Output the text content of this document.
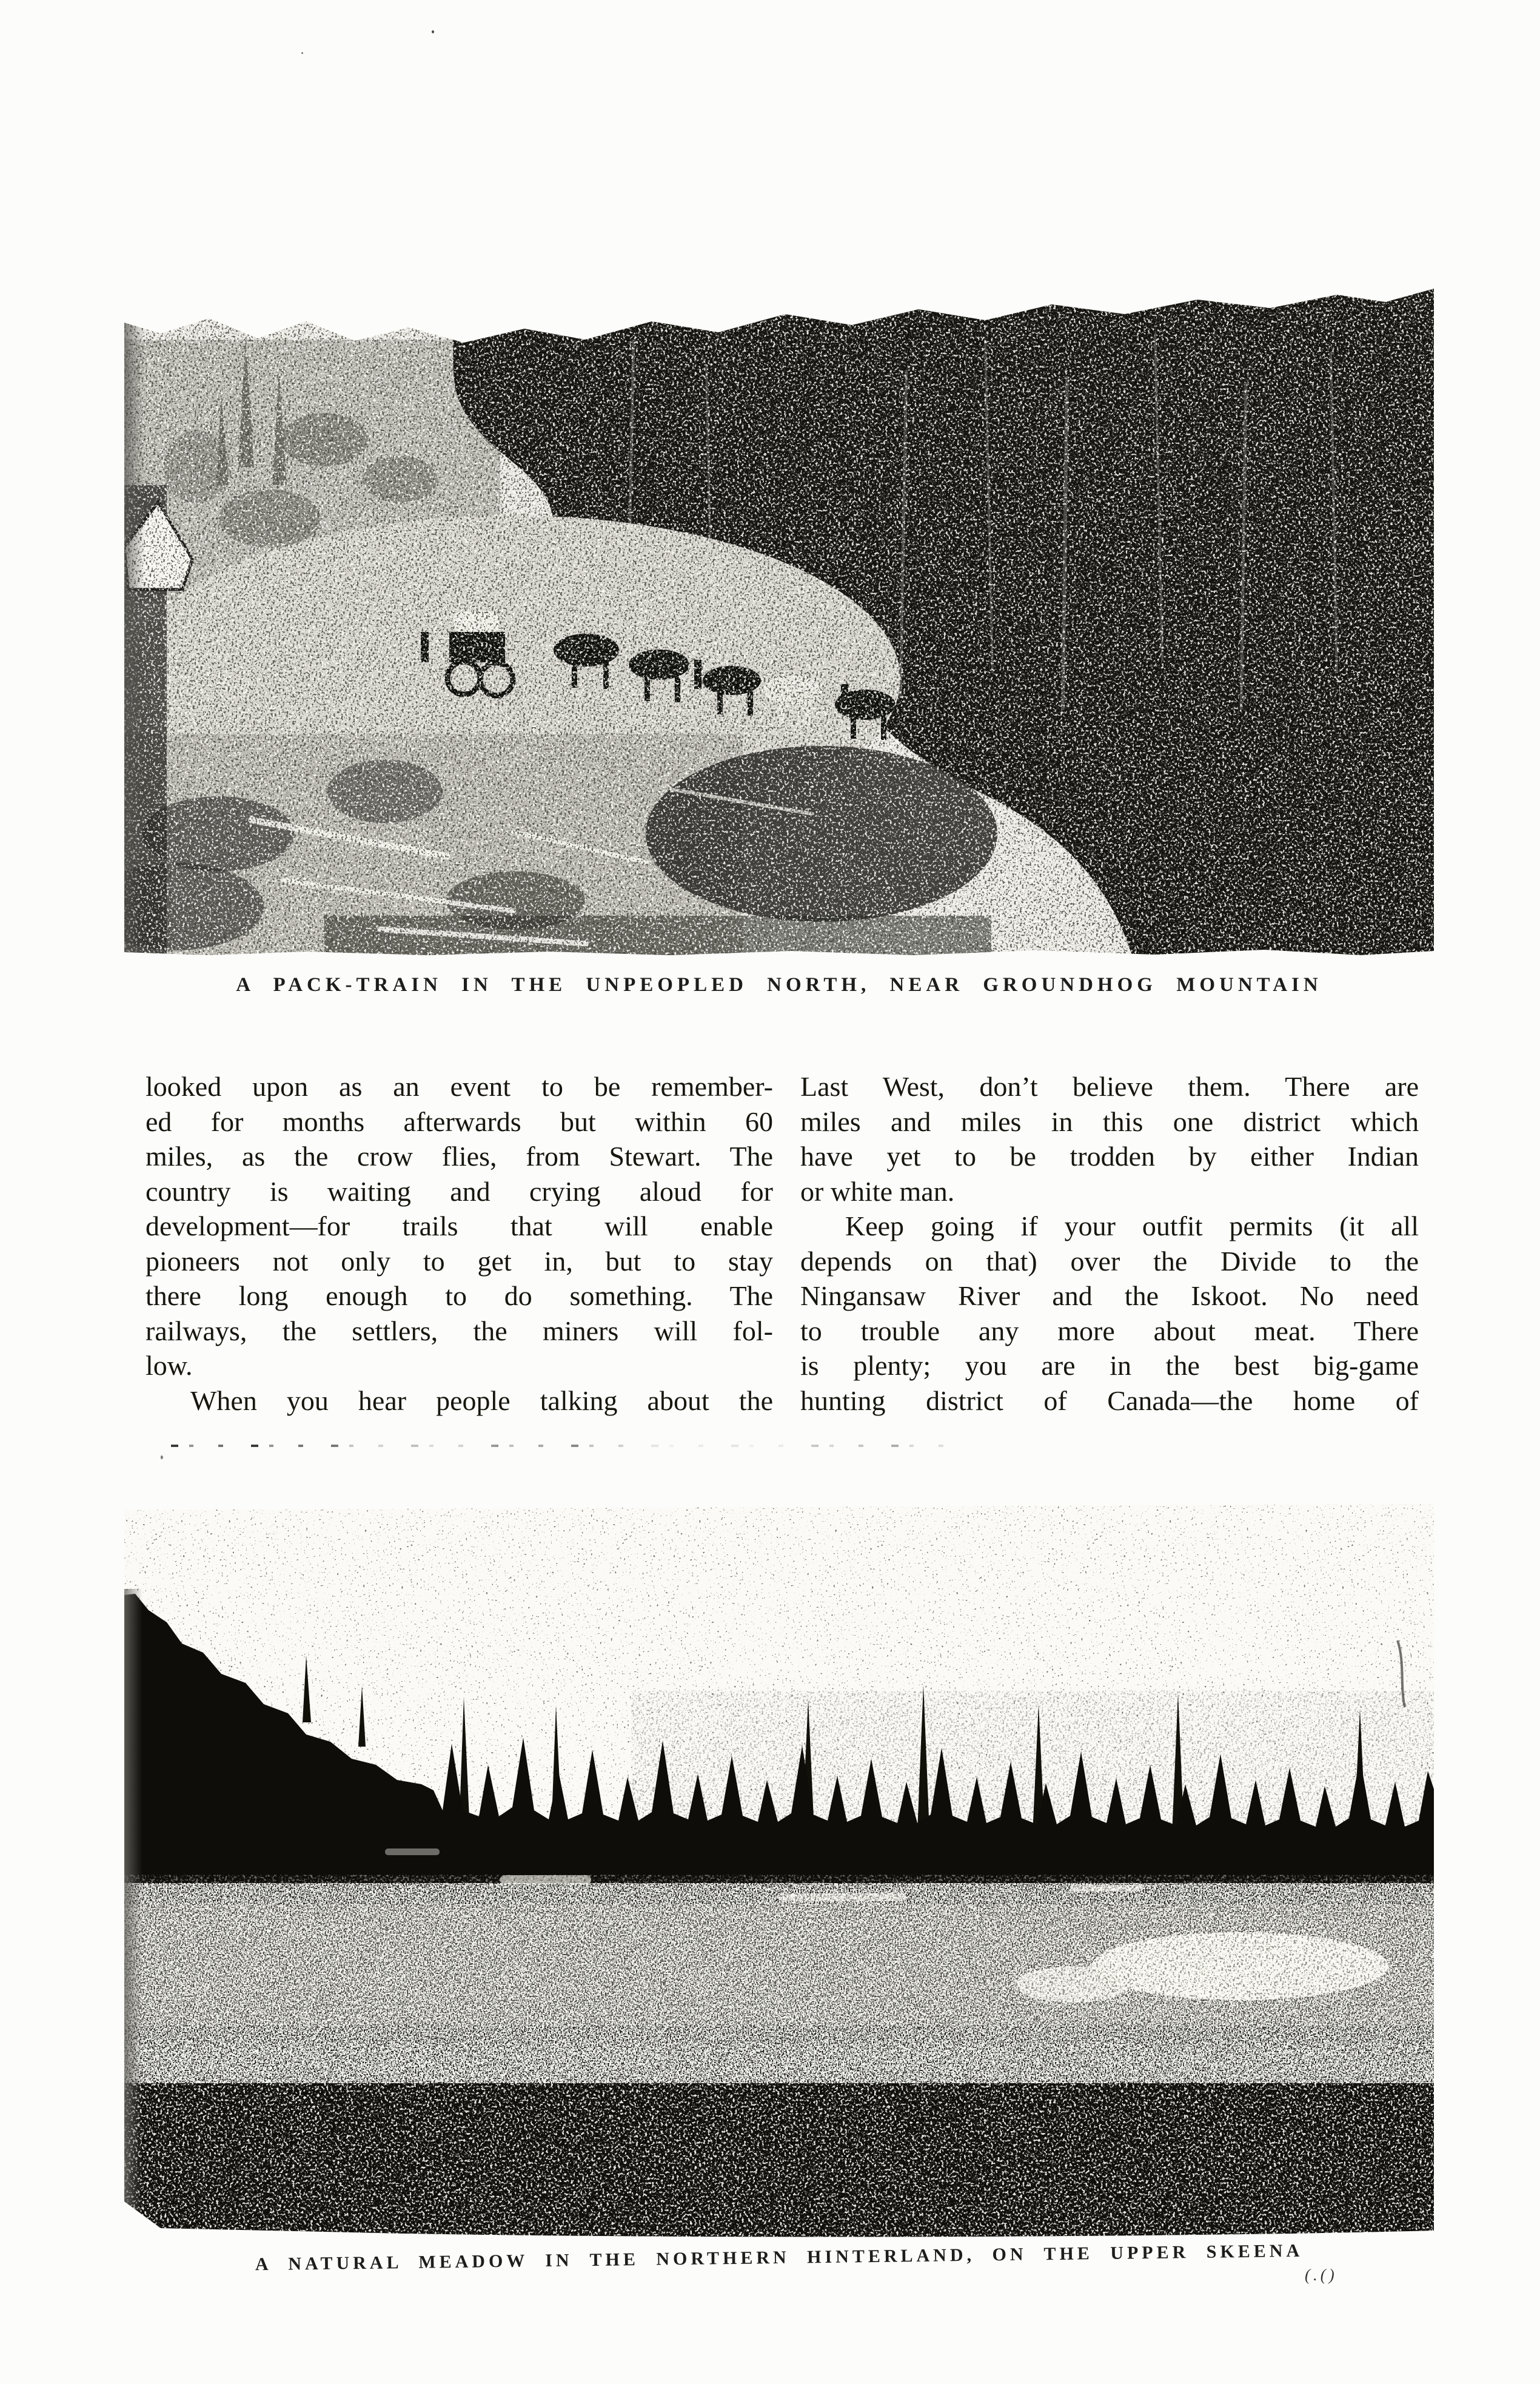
A PACK-TRAIN IN THE UNPEOPLED NORTH, NEAR GROUNDHOG MOUNTAIN
looked upon as an event to be remember-
ed for months afterwards but within 60
miles, as the crow flies, from Stewart. The
country is waiting and crying aloud for
development—for trails that will enable
pioneers not only to get in, but to stay
there long enough to do something. The
railways, the settlers, the miners will fol-
low.
When you hear people talking about the
Last West, don’t believe them. There are
miles and miles in this one district which
have yet to be trodden by either Indian
or white man.
Keep going if your outfit permits (it all
depends on that) over the Divide to the
Ningansaw River and the Iskoot. No need
to trouble any more about meat. There
is plenty; you are in the best big-game
hunting district of Canada—the home of
A NATURAL MEADOW IN THE NORTHERN HINTERLAND, ON THE UPPER SKEENA
(.()
